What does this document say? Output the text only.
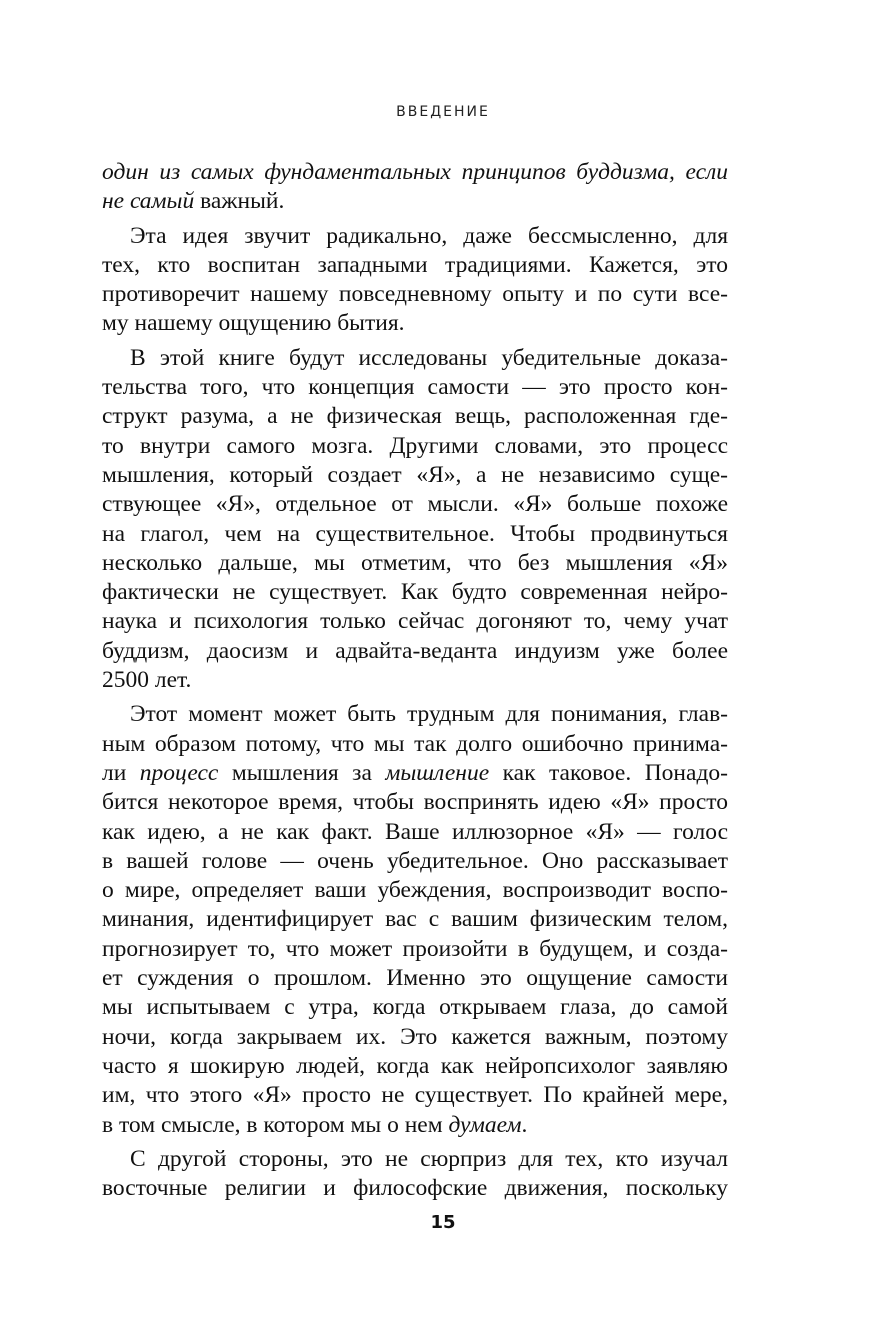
ВВЕДЕНИЕ
один из самых фундаментальных принципов буддизма, если
не самый важный.
Эта идея звучит радикально, даже бессмысленно, для
тех, кто воспитан западными традициями. Кажется, это
противоречит нашему повседневному опыту и по сути все-
му нашему ощущению бытия.
В этой книге будут исследованы убедительные доказа-
тельства того, что концепция самости — это просто кон-
структ разума, а не физическая вещь, расположенная где-
то внутри самого мозга. Другими словами, это процесс
мышления, который создает «Я», а не независимо суще-
ствующее «Я», отдельное от мысли. «Я» больше похоже
на глагол, чем на существительное. Чтобы продвинуться
несколько дальше, мы отметим, что без мышления «Я»
фактически не существует. Как будто современная нейро-
наука и психология только сейчас догоняют то, чему учат
буддизм, даосизм и адвайта-веданта индуизм уже более
2500 лет.
Этот момент может быть трудным для понимания, глав-
ным образом потому, что мы так долго ошибочно принима-
ли процесс мышления за мышление как таковое. Понадо-
бится некоторое время, чтобы воспринять идею «Я» просто
как идею, а не как факт. Ваше иллюзорное «Я» — голос
в вашей голове — очень убедительное. Оно рассказывает
о мире, определяет ваши убеждения, воспроизводит воспо-
минания, идентифицирует вас с вашим физическим телом,
прогнозирует то, что может произойти в будущем, и созда-
ет суждения о прошлом. Именно это ощущение самости
мы испытываем с утра, когда открываем глаза, до самой
ночи, когда закрываем их. Это кажется важным, поэтому
часто я шокирую людей, когда как нейропсихолог заявляю
им, что этого «Я» просто не существует. По крайней мере,
в том смысле, в котором мы о нем думаем.
С другой стороны, это не сюрприз для тех, кто изучал
восточные религии и философские движения, поскольку
15
